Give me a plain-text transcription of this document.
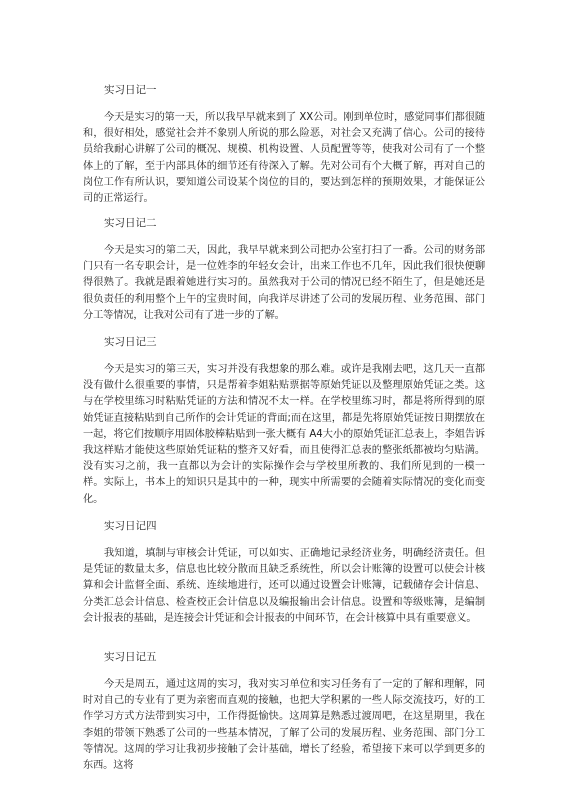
实习日记一

今天是实习的第一天，所以我早早就来到了 XX公司。刚到单位时，感觉同事们都很随和，很好相处，感觉社会并不象别人所说的那么险恶，对社会又充满了信心。公司的接待员给我耐心讲解了公司的概况、规模、机构设置、人员配置等等，使我对公司有了一个整体上的了解，至于内部具体的细节还有待深入了解。先对公司有个大概了解，再对自己的岗位工作有所认识，要知道公司设某个岗位的目的，要达到怎样的预期效果，才能保证公司的正常运行。

实习日记二

今天是实习的第二天，因此，我早早就来到公司把办公室打扫了一番。公司的财务部门只有一名专职会计，是一位姓李的年轻女会计，出来工作也不几年，因此我们很快便聊得很熟了。我就是跟着她进行实习的。虽然我对于公司的情况已经不陌生了，但是她还是很负责任的利用整个上午的宝贵时间，向我详尽讲述了公司的发展历程、业务范围、部门分工等情况，让我对公司有了进一步的了解。

实习日记三

今天是实习的第三天，实习并没有我想象的那么难。或许是我刚去吧，这几天一直都没有做什么很重要的事情，只是帮着李姐粘贴票据等原始凭证以及整理原始凭证之类。这与在学校里练习时粘贴凭证的方法和情况不太一样。在学校里练习时，都是将所得到的原始凭证直接粘贴到自己所作的会计凭证的背面;而在这里，都是先将原始凭证按日期摆放在一起，将它们按顺序用固体胶棒粘贴到一张大概有 A4大小的原始凭证汇总表上，李姐告诉我这样贴才能使这些原始凭证粘的整齐又好看，而且使得汇总表的整张纸都被均匀贴满。没有实习之前，我一直都以为会计的实际操作会与学校里所教的、我们所见到的一模一样。实际上，书本上的知识只是其中的一种，现实中所需要的会随着实际情况的变化而变化。

实习日记四

我知道，填制与审核会计凭证，可以如实、正确地记录经济业务，明确经济责任。但是凭证的数量太多，信息也比较分散而且缺乏系统性，所以会计账簿的设置可以使会计核算和会计监督全面、系统、连续地进行，还可以通过设置会计账簿，记载储存会计信息、分类汇总会计信息、检查校正会计信息以及编报输出会计信息。设置和等级账簿，是编制会计报表的基础，是连接会计凭证和会计报表的中间环节，在会计核算中具有重要意义。

实习日记五

今天是周五，通过这周的实习，我对实习单位和实习任务有了一定的了解和理解，同时对自己的专业有了更为亲密而直观的接触，也把大学积累的一些人际交流技巧，好的工作学习方式方法带到实习中，工作得挺愉快。这周算是熟悉过渡周吧，在这星期里，我在李姐的带领下熟悉了公司的一些基本情况，了解了公司的发展历程、业务范围、部门分工等情况。这周的学习让我初步接触了会计基础，增长了经验，希望接下来可以学到更多的东西。这将
